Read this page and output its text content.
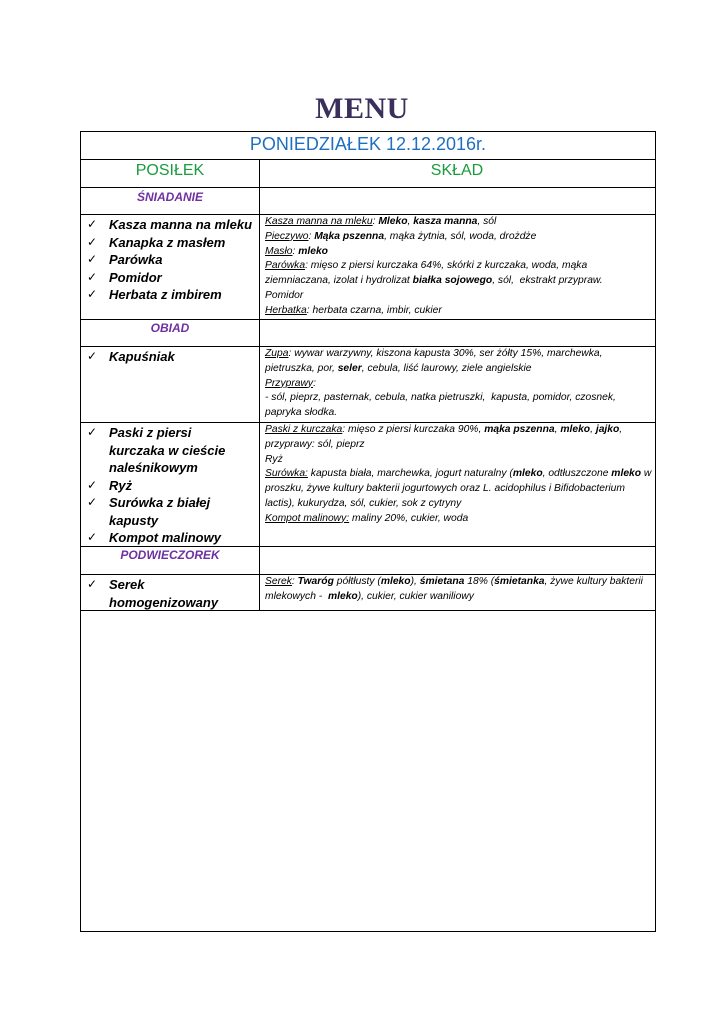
MENU
PONIEDZIAŁEK 12.12.2016r.
POSIŁEK	SKŁAD
ŚNIADANIE
✓ Kasza manna na mleku
✓ Kanapka z masłem
✓ Parówka
✓ Pomidor
✓ Herbata z imbirem
Kasza manna na mleku: Mleko, kasza manna, sól
Pieczywo: Mąka pszenna, mąka żytnia, sól, woda, drożdże
Masło: mleko
Parówka: mięso z piersi kurczaka 64%, skórki z kurczaka, woda, mąka ziemniaczana, izolat i hydrolizat białka sojowego, sól,  ekstrakt przypraw.
Pomidor
Herbatka: herbata czarna, imbir, cukier
OBIAD
✓ Kapuśniak	Zupa: wywar warzywny, kiszona kapusta 30%, ser żółty 15%, marchewka, pietruszka, por, seler, cebula, liść laurowy, ziele angielskie
Przyprawy:
- sól, pieprz, pasternak, cebula, natka pietruszki,  kapusta, pomidor, czosnek, papryka słodka.
✓ Paski z piersi kurczaka w cieście naleśnikowym
✓ Ryż
✓ Surówka z białej kapusty
✓ Kompot malinowy
Paski z kurczaka: mięso z piersi kurczaka 90%, mąka pszenna, mleko, jajko, przyprawy: sól, pieprz
Ryż
Surówka: kapusta biała, marchewka, jogurt naturalny (mleko, odtłuszczone mleko w proszku, żywe kultury bakterii jogurtowych oraz L. acidophilus i Bifidobacterium lactis), kukurydza, sól, cukier, sok z cytryny
Kompot malinowy: maliny 20%, cukier, woda
PODWIECZOREK
✓ Serek homogenizowany
Serek: Twaróg półtłusty (mleko), śmietana 18% (śmietanka, żywe kultury bakterii mlekowych -  mleko), cukier, cukier waniliowy
